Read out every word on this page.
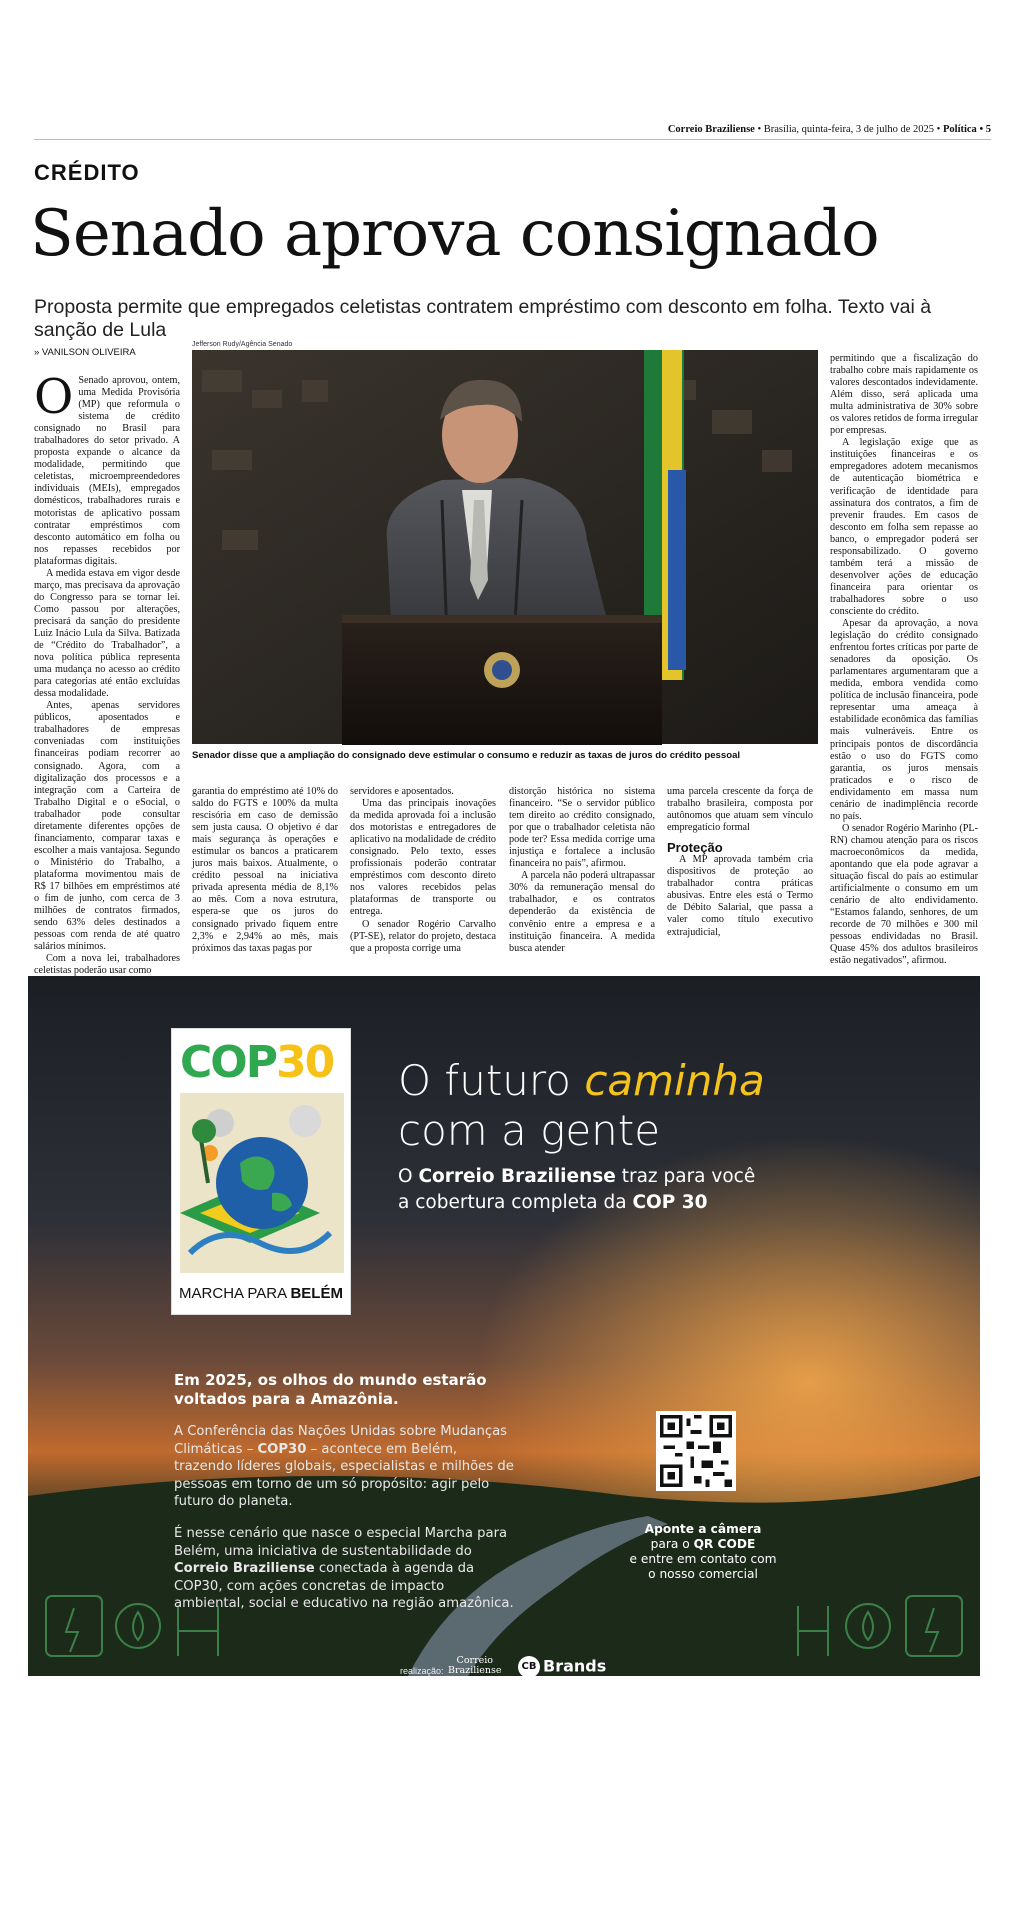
Correio Braziliense • Brasília, quinta-feira, 3 de julho de 2025 • Política • 5
CRÉDITO
Senado aprova consignado
Proposta permite que empregados celetistas contratem empréstimo com desconto em folha. Texto vai à sanção de Lula
» VANILSON OLIVEIRA

O Senado aprovou, ontem, uma Medida Provisória (MP) que reformula o sistema de crédito consignado no Brasil para trabalhadores do setor privado. A proposta expande o alcance da modalidade, permitindo que celetistas, microempreendedores individuais (MEIs), empregados domésticos, trabalhadores rurais e motoristas de aplicativo possam contratar empréstimos com desconto automático em folha ou nos repasses recebidos por plataformas digitais.

A medida estava em vigor desde março, mas precisava da aprovação do Congresso para se tornar lei. Como passou por alterações, precisará da sanção do presidente Luiz Inácio Lula da Silva. Batizada de “Crédito do Trabalhador”, a nova política pública representa uma mudança no acesso ao crédito para categorias até então excluídas dessa modalidade.

Antes, apenas servidores públicos, aposentados e trabalhadores de empresas conveniadas com instituições financeiras podiam recorrer ao consignado. Agora, com a digitalização dos processos e a integração com a Carteira de Trabalho Digital e o eSocial, o trabalhador pode consultar diretamente diferentes opções de financiamento, comparar taxas e escolher a mais vantajosa. Segundo o Ministério do Trabalho, a plataforma movimentou mais de R$ 17 bilhões em empréstimos até o fim de junho, com cerca de 3 milhões de contratos firmados, sendo 63% deles destinados a pessoas com renda de até quatro salários mínimos.

Com a nova lei, trabalhadores celetistas poderão usar como

Jefferson Rudy/Agência Senado
Senador disse que a ampliação do consignado deve estimular o consumo e reduzir as taxas de juros do crédito pessoal

garantia do empréstimo até 10% do saldo do FGTS e 100% da multa rescisória em caso de demissão sem justa causa. O objetivo é dar mais segurança às operações e estimular os bancos a praticarem juros mais baixos. Atualmente, o crédito pessoal na iniciativa privada apresenta média de 8,1% ao mês. Com a nova estrutura, espera-se que os juros do consignado privado fiquem entre 2,3% e 2,94% ao mês, mais próximos das taxas pagas por

servidores e aposentados.

Uma das principais inovações da medida aprovada foi a inclusão dos motoristas e entregadores de aplicativo na modalidade de crédito consignado. Pelo texto, esses profissionais poderão contratar empréstimos com desconto direto nos valores recebidos pelas plataformas de transporte ou entrega.

O senador Rogério Carvalho (PT-SE), relator do projeto, destaca que a proposta corrige uma

distorção histórica no sistema financeiro. “Se o servidor público tem direito ao crédito consignado, por que o trabalhador celetista não pode ter? Essa medida corrige uma injustiça e fortalece a inclusão financeira no país”, afirmou.

A parcela não poderá ultrapassar 30% da remuneração mensal do trabalhador, e os contratos dependerão da existência de convênio entre a empresa e a instituição financeira. A medida busca atender

uma parcela crescente da força de trabalho brasileira, composta por autônomos que atuam sem vínculo empregatício formal

Proteção

A MP aprovada também cria dispositivos de proteção ao trabalhador contra práticas abusivas. Entre eles está o Termo de Débito Salarial, que passa a valer como título executivo extrajudicial,

permitindo que a fiscalização do trabalho cobre mais rapidamente os valores descontados indevidamente. Além disso, será aplicada uma multa administrativa de 30% sobre os valores retidos de forma irregular por empresas.

A legislação exige que as instituições financeiras e os empregadores adotem mecanismos de autenticação biométrica e verificação de identidade para assinatura dos contratos, a fim de prevenir fraudes. Em casos de desconto em folha sem repasse ao banco, o empregador poderá ser responsabilizado. O governo também terá a missão de desenvolver ações de educação financeira para orientar os trabalhadores sobre o uso consciente do crédito.

Apesar da aprovação, a nova legislação do crédito consignado enfrentou fortes críticas por parte de senadores da oposição. Os parlamentares argumentaram que a medida, embora vendida como política de inclusão financeira, pode representar uma ameaça à estabilidade econômica das famílias mais vulneráveis. Entre os principais pontos de discordância estão o uso do FGTS como garantia, os juros mensais praticados e o risco de endividamento em massa num cenário de inadimplência recorde no país.

O senador Rogério Marinho (PL-RN) chamou atenção para os riscos macroeconômicos da medida, apontando que ela pode agravar a situação fiscal do país ao estimular artificialmente o consumo em um cenário de alto endividamento. “Estamos falando, senhores, de um recorde de 70 milhões e 300 mil pessoas endividadas no Brasil. Quase 45% dos adultos brasileiros estão negativados”, afirmou.

COP30
MARCHA PARA BELÉM
O futuro caminha
com a gente
O Correio Braziliense traz para você
a cobertura completa da COP 30
Em 2025, os olhos do mundo estarão voltados para a Amazônia.

A Conferência das Nações Unidas sobre Mudanças Climáticas – COP30 – acontece em Belém, trazendo líderes globais, especialistas e milhões de pessoas em torno de um só propósito: agir pelo futuro do planeta.

É nesse cenário que nasce o especial Marcha para Belém, uma iniciativa de sustentabilidade do Correio Braziliense conectada à agenda da COP30, com ações concretas de impacto ambiental, social e educativo na região amazônica.

Aponte a câmera
para o QR CODE
e entre em contato com o nosso comercial
realização:
Correio
Braziliense	CB Brands
